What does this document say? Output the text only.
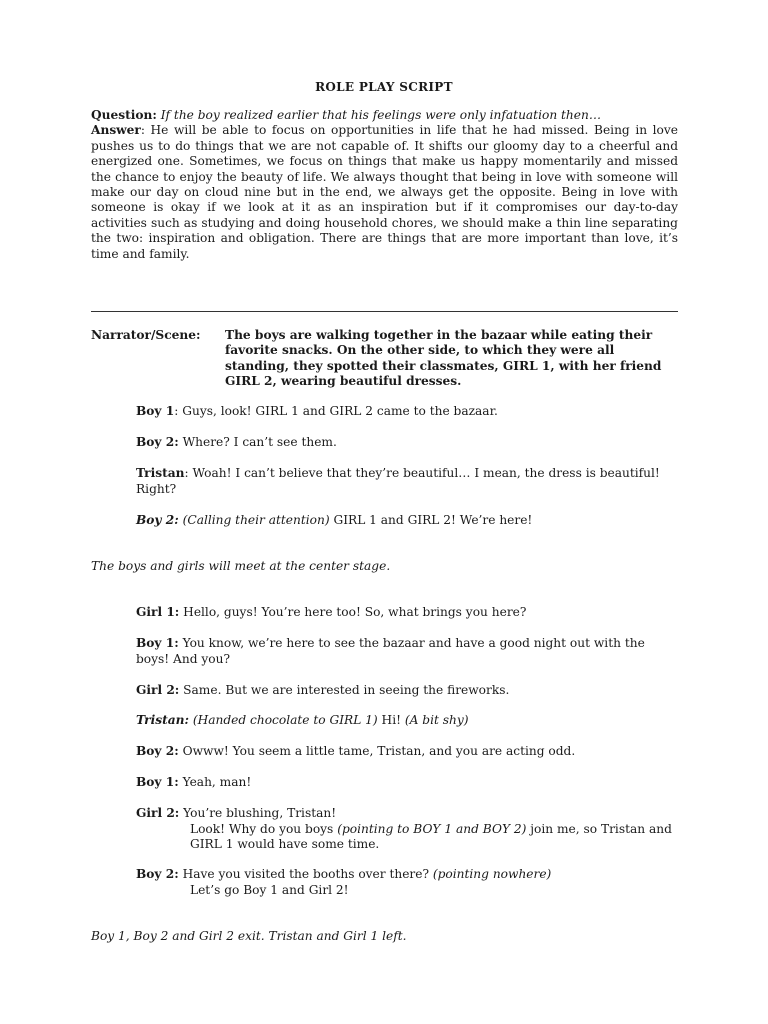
ROLE PLAY SCRIPT

Question: If the boy realized earlier that his feelings were only infatuation then…

Answer: He will be able to focus on opportunities in life that he had missed. Being in love pushes us to do things that we are not capable of. It shifts our gloomy day to a cheerful and energized one. Sometimes, we focus on things that make us happy momentarily and missed the chance to enjoy the beauty of life. We always thought that being in love with someone will make our day on cloud nine but in the end, we always get the opposite. Being in love with someone is okay if we look at it as an inspiration but if it compromises our day-to-day activities such as studying and doing household chores, we should make a thin line separating the two: inspiration and obligation. There are things that are more important than love, it’s time and family.

Narrator/Scene:	The boys are walking together in the bazaar while eating their favorite snacks. On the other side, to which they were all standing, they spotted their classmates, GIRL 1, with her friend GIRL 2, wearing beautiful dresses.
Boy 1: Guys, look! GIRL 1 and GIRL 2 came to the bazaar.
Boy 2: Where? I can’t see them.
Tristan: Woah! I can’t believe that they’re beautiful… I mean, the dress is beautiful! Right?
Boy 2: (Calling their attention) GIRL 1 and GIRL 2! We’re here!
The boys and girls will meet at the center stage.
Girl 1: Hello, guys! You’re here too! So, what brings you here?
Boy 1: You know, we’re here to see the bazaar and have a good night out with the boys! And you?
Girl 2: Same. But we are interested in seeing the fireworks.
Tristan: (Handed chocolate to GIRL 1) Hi! (A bit shy)
Boy 2: Owww! You seem a little tame, Tristan, and you are acting odd.
Boy 1: Yeah, man!
Girl 2: You’re blushing, Tristan!
Look! Why do you boys (pointing to BOY 1 and BOY 2) join me, so Tristan and GIRL 1 would have some time.
Boy 2: Have you visited the booths over there? (pointing nowhere)
Let’s go Boy 1 and Girl 2!
Boy 1, Boy 2 and Girl 2 exit. Tristan and Girl 1 left.
